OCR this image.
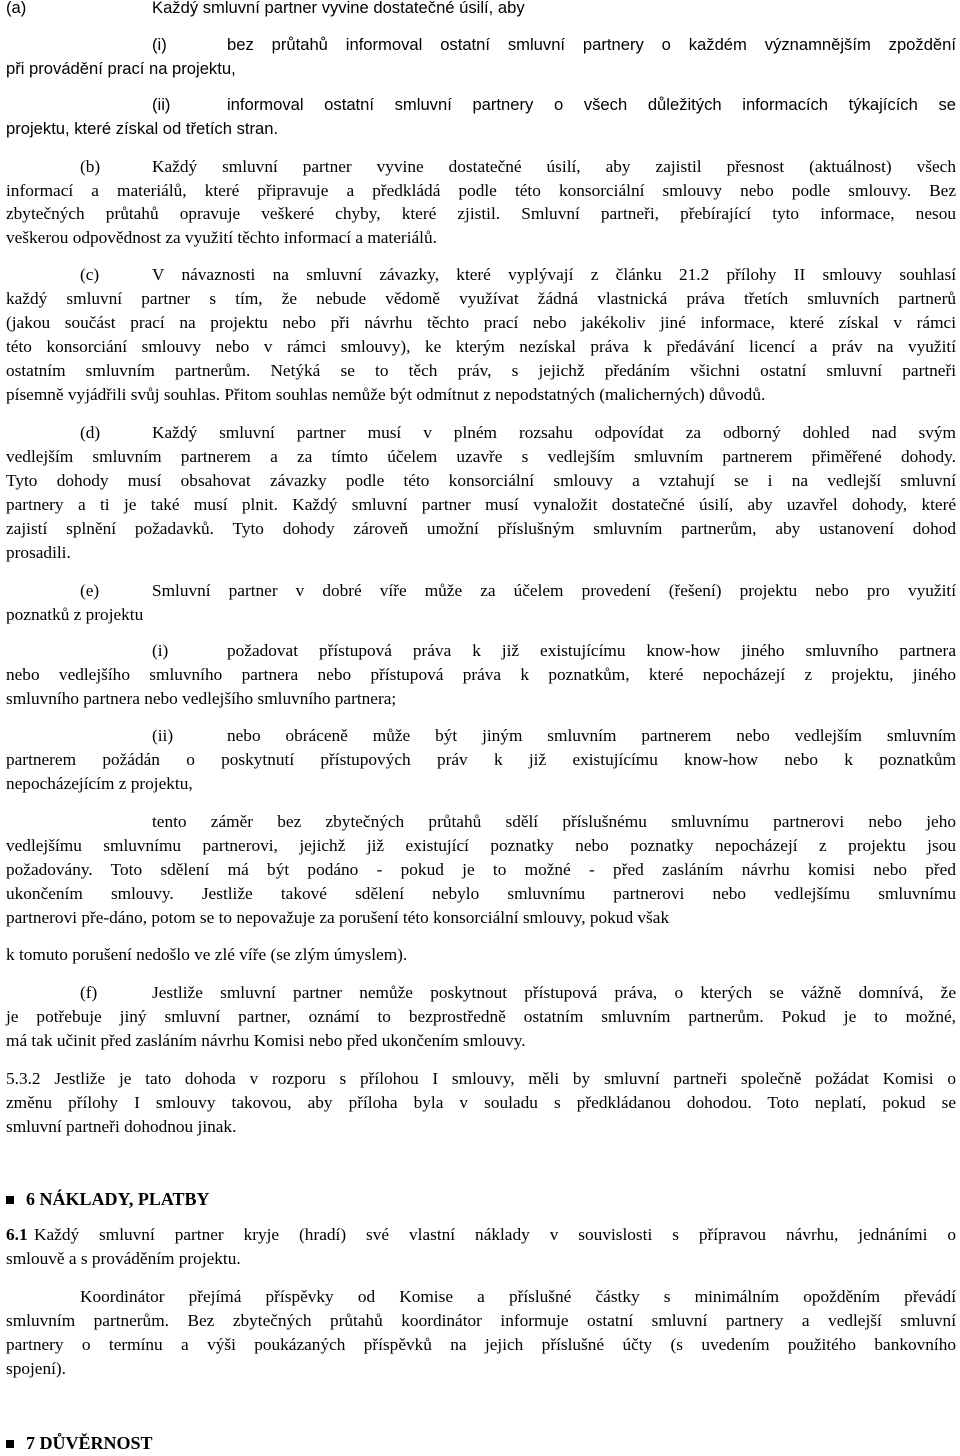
(a)	Každý smluvní partner vyvine dostatečné úsilí, aby
(i)	bez průtahů informoval ostatní smluvní partnery o každém významnějším zpoždění
při provádění prací na projektu,
(ii)	informoval ostatní smluvní partnery o všech důležitých informacích týkajících se
projektu, které získal od třetích stran.
(b)	Každý smluvní partner vyvine dostatečné úsilí, aby zajistil přesnost (aktuálnost) všech
informací a materiálů, které připravuje a předkládá podle této konsorciální smlouvy nebo podle smlouvy. Bez
zbytečných průtahů opravuje veškeré chyby, které zjistil. Smluvní partneři, přebírající tyto informace, nesou
veškerou odpovědnost za využití těchto informací a materiálů.
(c)	V návaznosti na smluvní závazky, které vyplývají z článku 21.2 přílohy II smlouvy souhlasí
každý smluvní partner s tím, že nebude vědomě využívat žádná vlastnická práva třetích smluvních partnerů
(jakou součást prací na projektu nebo při návrhu těchto prací nebo jakékoliv jiné informace, které získal v rámci
této konsorciání smlouvy nebo v rámci smlouvy), ke kterým nezískal práva k předávání licencí a práv na využití
ostatním smluvním partnerům. Netýká se to těch práv, s jejichž předáním všichni ostatní smluvní partneři
písemně vyjádřili svůj souhlas. Přitom souhlas nemůže být odmítnut z nepodstatných (malicherných) důvodů.
(d)	Každý smluvní partner musí v plném rozsahu odpovídat za odborný dohled nad svým
vedlejším smluvním partnerem a za tímto účelem uzavře s vedlejším smluvním partnerem přiměřené dohody.
Tyto dohody musí obsahovat závazky podle této konsorciální smlouvy a vztahují se i na vedlejší smluvní
partnery a ti je také musí plnit. Každý smluvní partner musí vynaložit dostatečné úsilí, aby uzavřel dohody, které
zajistí splnění požadavků. Tyto dohody zároveň umožní příslušným smluvním partnerům, aby ustanovení dohod
prosadili.
(e)	Smluvní partner v dobré víře může za účelem provedení (řešení) projektu nebo pro využití
poznatků z projektu
(i)	požadovat přístupová práva k již existujícímu know-how jiného smluvního partnera
nebo vedlejšího smluvního partnera nebo přístupová práva k poznatkům, které nepocházejí z projektu, jiného
smluvního partnera nebo vedlejšího smluvního partnera;
(ii)	nebo obráceně může být jiným smluvním partnerem nebo vedlejším smluvním
partnerem požádán o poskytnutí přístupových práv k již existujícímu know-how nebo k poznatkům
nepocházejícím z projektu,
tento záměr bez zbytečných průtahů sdělí příslušnému smluvnímu partnerovi nebo jeho
vedlejšímu smluvnímu partnerovi, jejichž již existující poznatky nebo poznatky nepocházejí z projektu jsou
požadovány. Toto sdělení má být podáno - pokud je to možné - před zasláním návrhu komisi nebo před
ukončením smlouvy. Jestliže takové sdělení nebylo smluvnímu partnerovi nebo vedlejšímu smluvnímu
partnerovi pře-dáno, potom se to nepovažuje za porušení této konsorciální smlouvy, pokud však
k tomuto porušení nedošlo ve zlé víře (se zlým úmyslem).
(f)	Jestliže smluvní partner nemůže poskytnout přístupová práva, o kterých se vážně domnívá, že
je potřebuje jiný smluvní partner, oznámí to bezprostředně ostatním smluvním partnerům. Pokud je to možné,
má tak učinit před zasláním návrhu Komisi nebo před ukončením smlouvy.
5.3.2 Jestliže je tato dohoda v rozporu s přílohou I smlouvy, měli by smluvní partneři společně požádat Komisi o
změnu přílohy I smlouvy takovou, aby příloha byla v souladu s předkládanou dohodou. Toto neplatí, pokud se
smluvní partneři dohodnou jinak.
6 NÁKLADY, PLATBY
6.1 Každý smluvní partner kryje (hradí) své vlastní náklady v souvislosti s přípravou návrhu, jednáními o
smlouvě a s prováděním projektu.
Koordinátor přejímá příspěvky od Komise a příslušné částky s minimálním opožděním převádí
smluvním partnerům. Bez zbytečných průtahů koordinátor informuje ostatní smluvní partnery a vedlejší smluvní
partnery o termínu a výši poukázaných příspěvků na jejich příslušné účty (s uvedením použitého bankovního
spojení).
7 DŮVĚRNOST
